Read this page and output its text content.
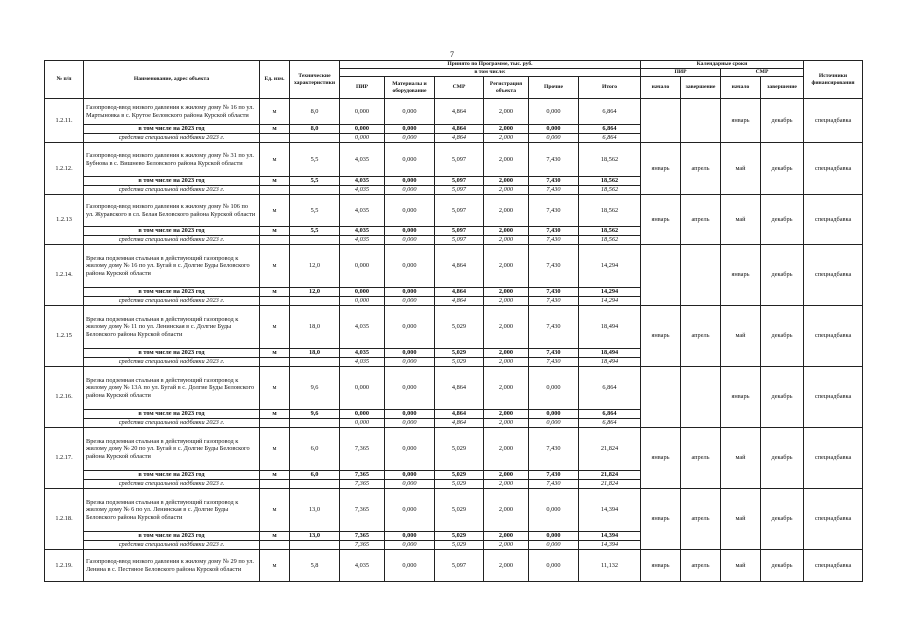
7
№ п/п	Наименование, адрес объекта	Ед. изм.	Технические характеристики	Принято по Программе, тыс. руб.						Календарные сроки				Источники финансирования
				в том числе:						ПИР		СМР		
				ПИР	Материалы и оборудование	СМР	Регистрация объекта	Прочие	Итого	начало	завершение	начало	завершение	
1.2.11.	Газопровод-ввод низкого давления к жилому дому № 16 по ул. Мартыновка в с. Крутое Беловского района Курской области	м	8,0	0,000	0,000	4,864	2,000	0,000	6,864			январь	декабрь	спецнадбавка
	в том числе на 2023 год	м	8,0	0,000	0,000	4,864	2,000	0,000	6,864					
	средства специальной надбавки 2023 г.			0,000	0,000	4,864	2,000	0,000	6,864					
1.2.12.	Газопровод-ввод низкого давления к жилому дому № 31 по ул. Бубнова в с. Вишнево Беловского района Курской области	м	5,5	4,035	0,000	5,097	2,000	7,430	18,562	январь	апрель	май	декабрь	спецнадбавка
	в том числе на 2023 год	м	5,5	4,035	0,000	5,097	2,000	7,430	18,562					
	средства специальной надбавки 2023 г.			4,035	0,000	5,097	2,000	7,430	18,562					
1.2.13	Газопровод-ввод низкого давления к жилому дому № 106 по ул. Журавского в сл. Белая Беловского района Курской области	м	5,5	4,035	0,000	5,097	2,000	7,430	18,562	январь	апрель	май	декабрь	спецнадбавка
	в том числе на 2023 год	м	5,5	4,035	0,000	5,097	2,000	7,430	18,562					
	средства специальной надбавки 2023 г.			4,035	0,000	5,097	2,000	7,430	18,562					
1.2.14.	Врезка подземная стальная в действующий газопровод к жилому дому № 16 по ул. Бугай в с. Долгие Буды Беловского района Курской области	м	12,0	0,000	0,000	4,864	2,000	7,430	14,294			январь	декабрь	спецнадбавка
	в том числе на 2023 год	м	12,0	0,000	0,000	4,864	2,000	7,430	14,294					
	средства специальной надбавки 2023 г.			0,000	0,000	4,864	2,000	7,430	14,294					
1.2.15	Врезка подземная стальная в действующий газопровод к жилому дому № 11 по ул. Ленинская в с. Долгие Буды Беловского района Курской области	м	18,0	4,035	0,000	5,029	2,000	7,430	18,494	январь	апрель	май	декабрь	спецнадбавка
	в том числе на 2023 год	м	18,0	4,035	0,000	5,029	2,000	7,430	18,494					
	средства специальной надбавки 2023 г.			4,035	0,000	5,029	2,000	7,430	18,494					
1.2.16.	Врезка подземная стальная в действующий газопровод к жилому дому № 13А по ул. Бугай в с. Долгие Буды Беловского района Курской области	м	9,6	0,000	0,000	4,864	2,000	0,000	6,864			январь	декабрь	спецнадбавка
	в том числе на 2023 год	м	9,6	0,000	0,000	4,864	2,000	0,000	6,864					
	средства специальной надбавки 2023 г.			0,000	0,000	4,864	2,000	0,000	6,864					
1.2.17.	Врезка подземная стальная в действующий газопровод к жилому дому № 20 по ул. Бугай в с. Долгие Буды Беловского района Курской области	м	6,0	7,365	0,000	5,029	2,000	7,430	21,824	январь	апрель	май	декабрь	спецнадбавка
	в том числе на 2023 год	м	6,0	7,365	0,000	5,029	2,000	7,430	21,824					
	средства специальной надбавки 2023 г.			7,365	0,000	5,029	2,000	7,430	21,824					
1.2.18.	Врезка подземная стальная в действующий газопровод к жилому дому № 6 по ул. Ленинская в с. Долгие Буды Беловского района Курской области	м	13,0	7,365	0,000	5,029	2,000	0,000	14,394	январь	апрель	май	декабрь	спецнадбавка
	в том числе на 2023 год	м	13,0	7,365	0,000	5,029	2,000	0,000	14,394					
	средства специальной надбавки 2023 г.			7,365	0,000	5,029	2,000	0,000	14,394					
1.2.19.	Газопровод-ввод низкого давления к жилому дому № 29 по ул. Ленина в с. Пестяное Беловского района Курской области	м	5,8	4,035	0,000	5,097	2,000	0,000	11,132	январь	апрель	май	декабрь	спецнадбавка
